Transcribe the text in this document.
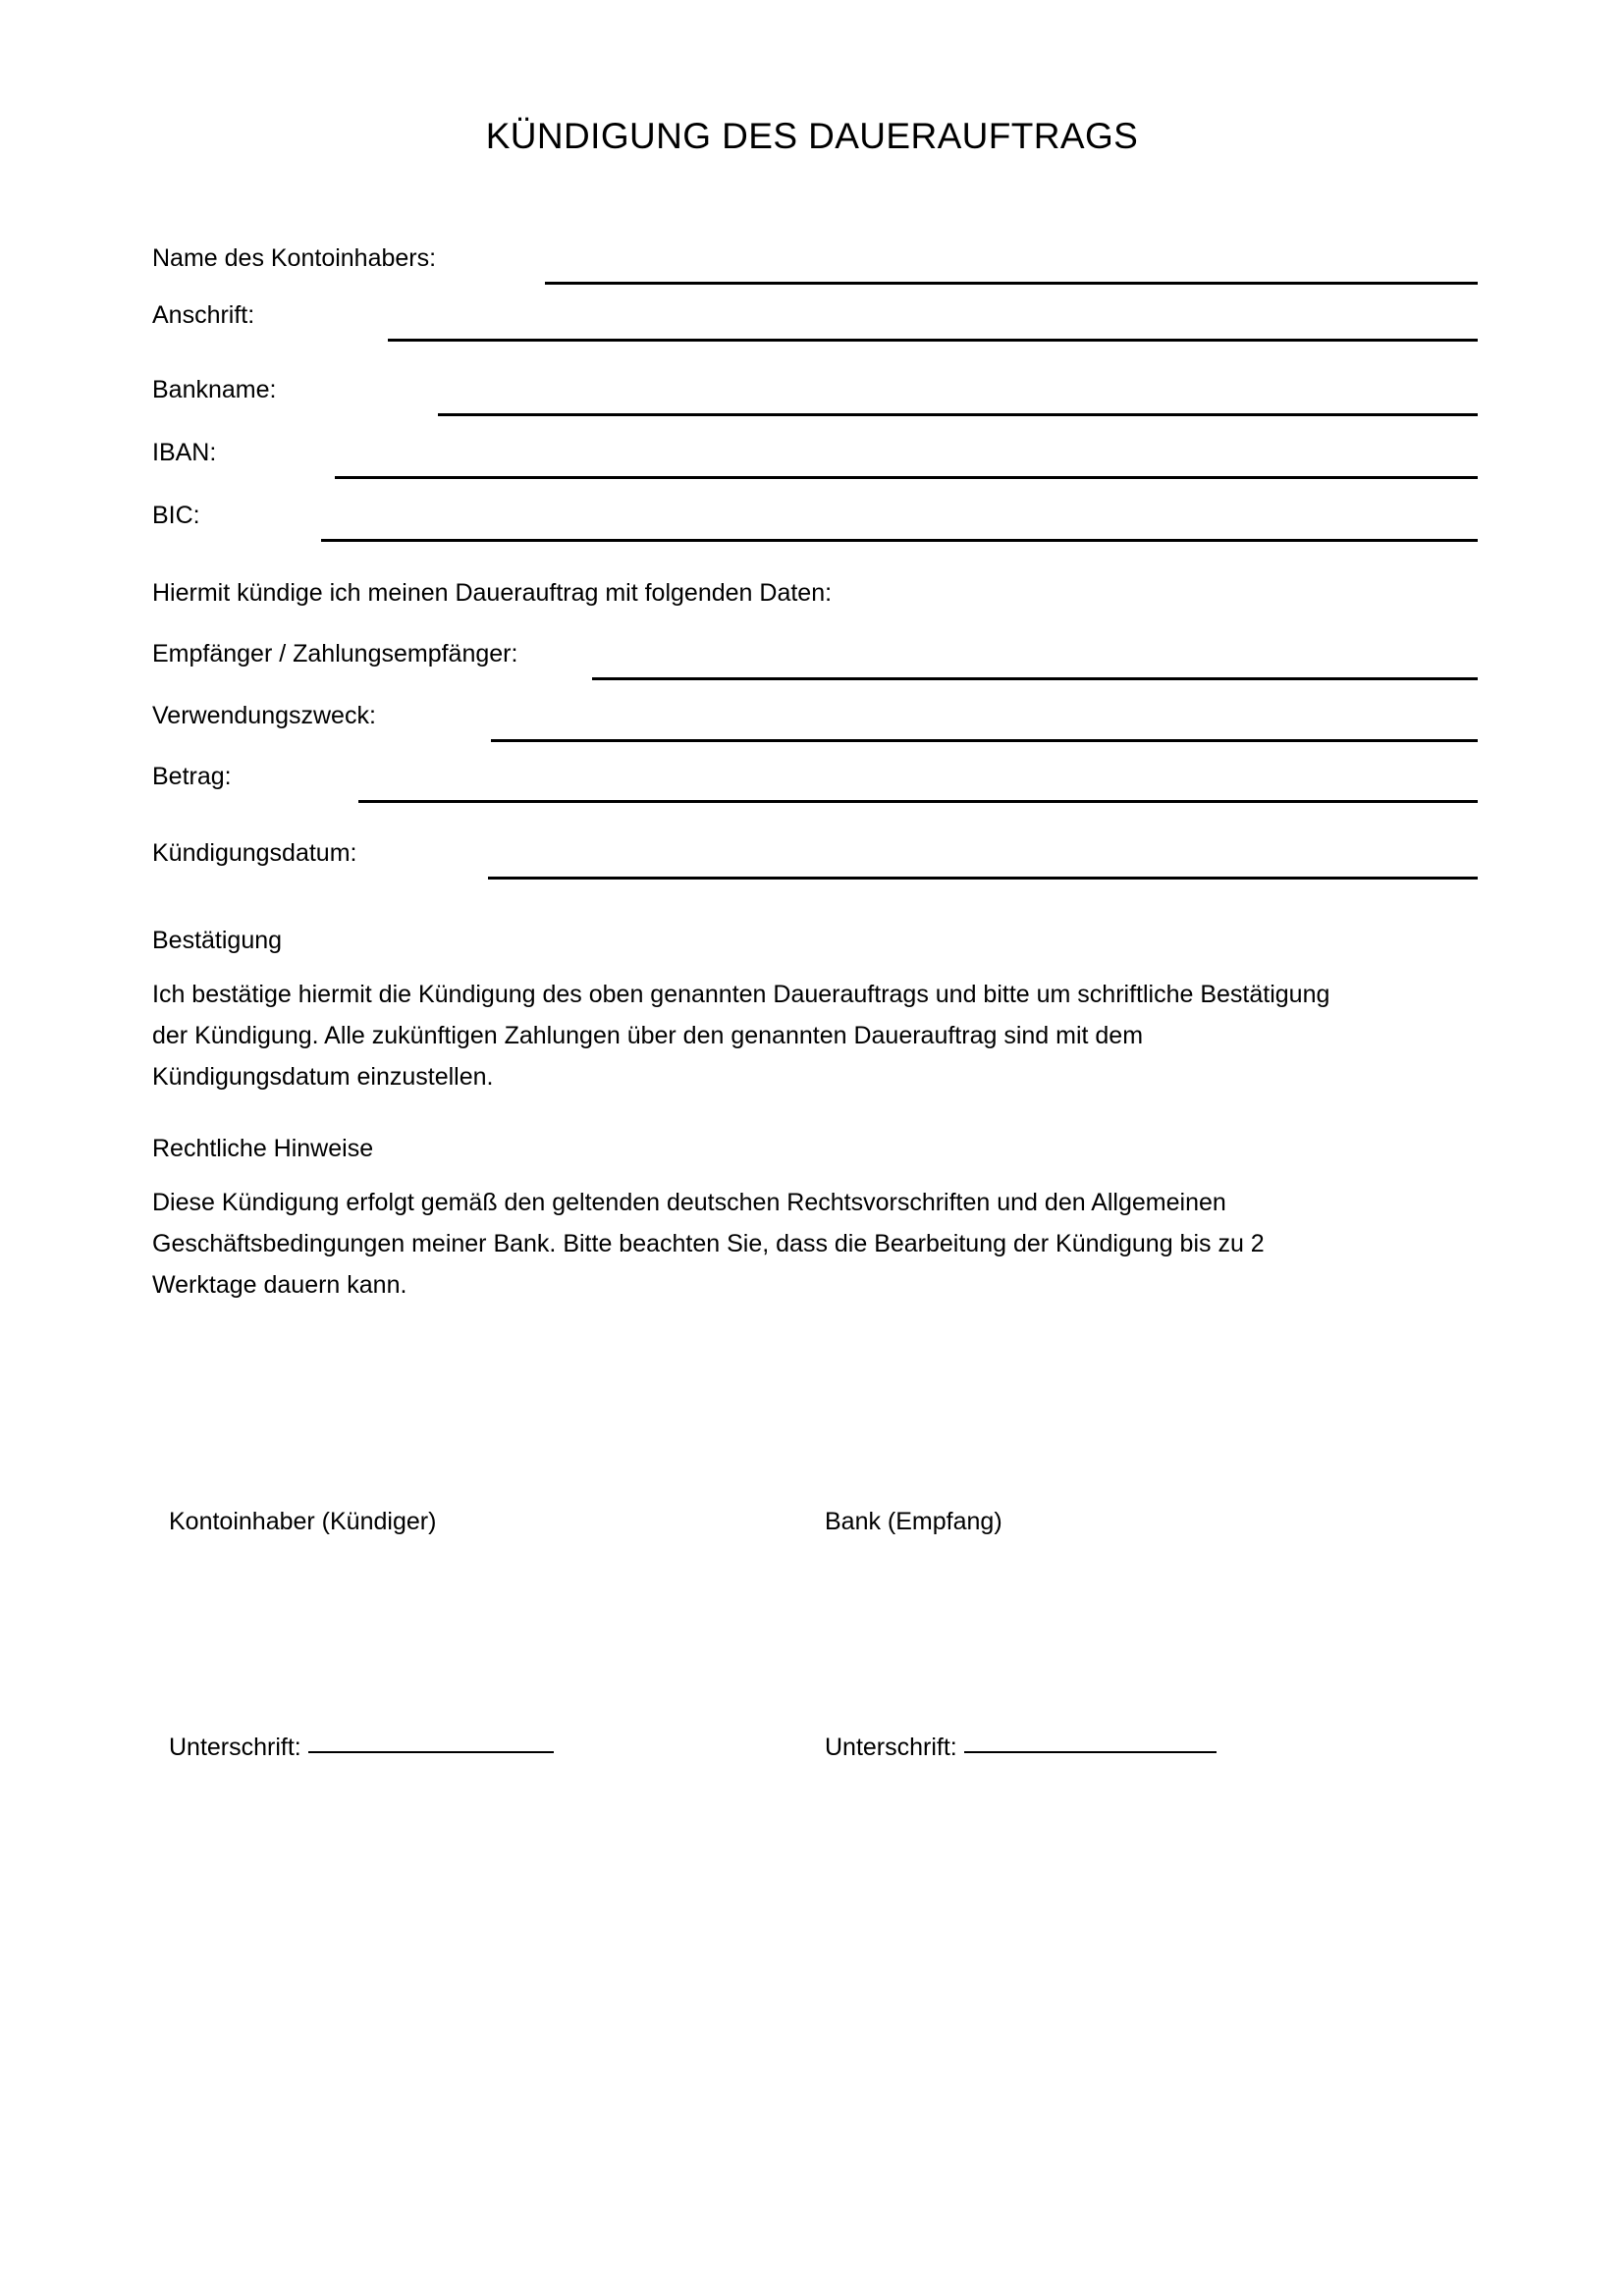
KÜNDIGUNG DES DAUERAUFTRAGS
Name des Kontoinhabers:
Anschrift:
Bankname:
IBAN:
BIC:
Hiermit kündige ich meinen Dauerauftrag mit folgenden Daten:
Empfänger / Zahlungsempfänger:
Verwendungszweck:
Betrag:
Kündigungsdatum:
Bestätigung
Ich bestätige hiermit die Kündigung des oben genannten Dauerauftrags und bitte um schriftliche Bestätigung
der Kündigung. Alle zukünftigen Zahlungen über den genannten Dauerauftrag sind mit dem
Kündigungsdatum einzustellen.
Rechtliche Hinweise
Diese Kündigung erfolgt gemäß den geltenden deutschen Rechtsvorschriften und den Allgemeinen
Geschäftsbedingungen meiner Bank. Bitte beachten Sie, dass die Bearbeitung der Kündigung bis zu 2
Werktage dauern kann.
Kontoinhaber (Kündiger)	Bank (Empfang)
Unterschrift:	Unterschrift:
